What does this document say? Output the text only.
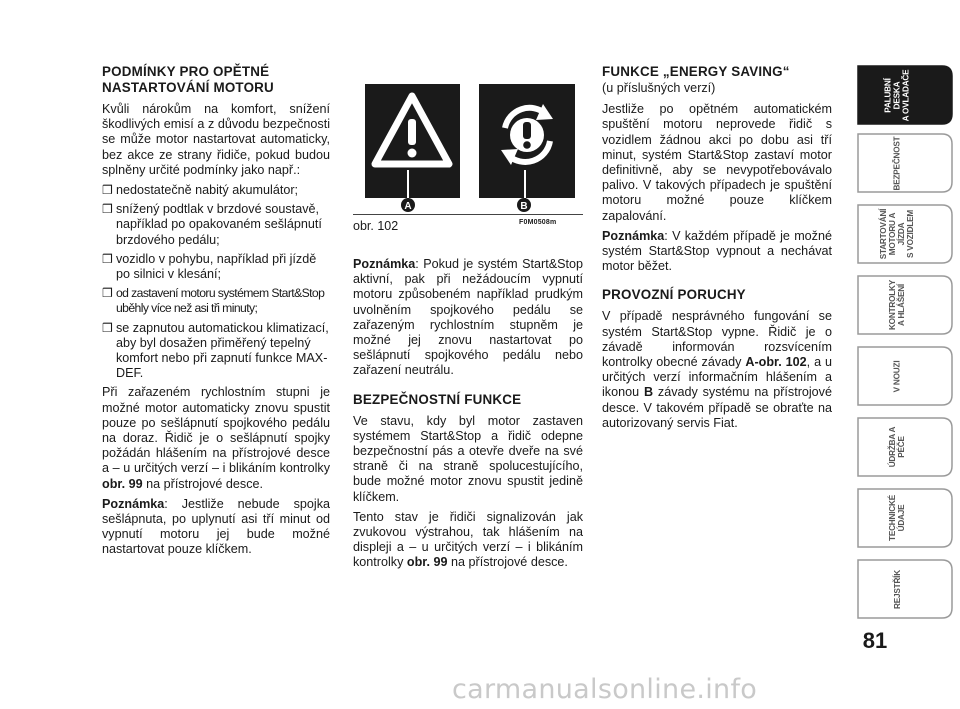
PODMÍNKY PRO OPĚTNÉ NASTARTOVÁNÍ MOTORU

Kvůli nárokům na komfort, snížení škodlivých emisí a z důvodu bezpečnosti se může motor nastartovat automaticky, bez akce ze strany řidiče, pokud budou splněny určité podmínky jako např.:

❒ nedostatečně nabitý akumulátor;
❒ snížený podtlak v brzdové soustavě, například po opakovaném sešlápnutí brzdového pedálu;
❒ vozidlo v pohybu, například při jízdě po silnici v klesání;
❒ od zastavení motoru systémem Start&Stop uběhly více než asi tři minuty;
❒ se zapnutou automatickou klimatizací, aby byl dosažen přiměřený tepelný komfort nebo při zapnutí funkce MAX-DEF.

Při zařazeném rychlostním stupni je možné motor automaticky znovu spustit pouze po sešlápnutí spojkového pedálu na doraz. Řidič je o sešlápnutí spojky požádán hlášením na přístrojové desce a – u určitých verzí – i blikáním kontrolky obr. 99 na přístrojové desce.

Poznámka: Jestliže nebude spojka sešlápnuta, po uplynutí asi tří minut od vypnutí motoru jej bude možné nastartovat pouze klíčkem.

A	B
obr. 102	F0M0508m

Poznámka: Pokud je systém Start&Stop aktivní, pak při nežádoucím vypnutí motoru způsobeném například prudkým uvolněním spojkového pedálu se zařazeným rychlostním stupněm je možné jej znovu nastartovat po sešlápnutí spojkového pedálu nebo zařazení neutrálu.

BEZPEČNOSTNÍ FUNKCE

Ve stavu, kdy byl motor zastaven systémem Start&Stop a řidič odepne bezpečnostní pás a otevře dveře na své straně či na straně spolucestujícího, bude možné motor znovu spustit jedině klíčkem.

Tento stav je řidiči signalizován jak zvukovou výstrahou, tak hlášením na displeji a – u určitých verzí – i blikáním kontrolky obr. 99 na přístrojové desce.

FUNKCE „ENERGY SAVING“
(u příslušných verzí)

Jestliže po opětném automatickém spuštění motoru neprovede řidič s vozidlem žádnou akci po dobu asi tří minut, systém Start&Stop zastaví motor definitivně, aby se nevypotřebovávalo palivo. V takových případech je spuštění motoru možné pouze klíčkem zapalování.

Poznámka: V každém případě je možné systém Start&Stop vypnout a nechávat motor běžet.

PROVOZNÍ PORUCHY

V případě nesprávného fungování se systém Start&Stop vypne. Řidič je o závadě informován rozsvícením kontrolky obecné závady A-obr. 102, a u určitých verzí informačním hlášením a ikonou B závady systému na přístrojové desce. V takovém případě se obraťte na autorizovaný servis Fiat.

PALUBNÍ DESKA
A OVLADAČE
BEZPEČNOST
STARTOVÁNÍ
MOTORU A JÍZDA
S VOZIDLEM
KONTROLKY
A HLÁŠENÍ
V NOUZI
ÚDRŽBA A PÉČE
TECHNICKÉ ÚDAJE
REJSTŘÍK
81
carmanualsonline.info
